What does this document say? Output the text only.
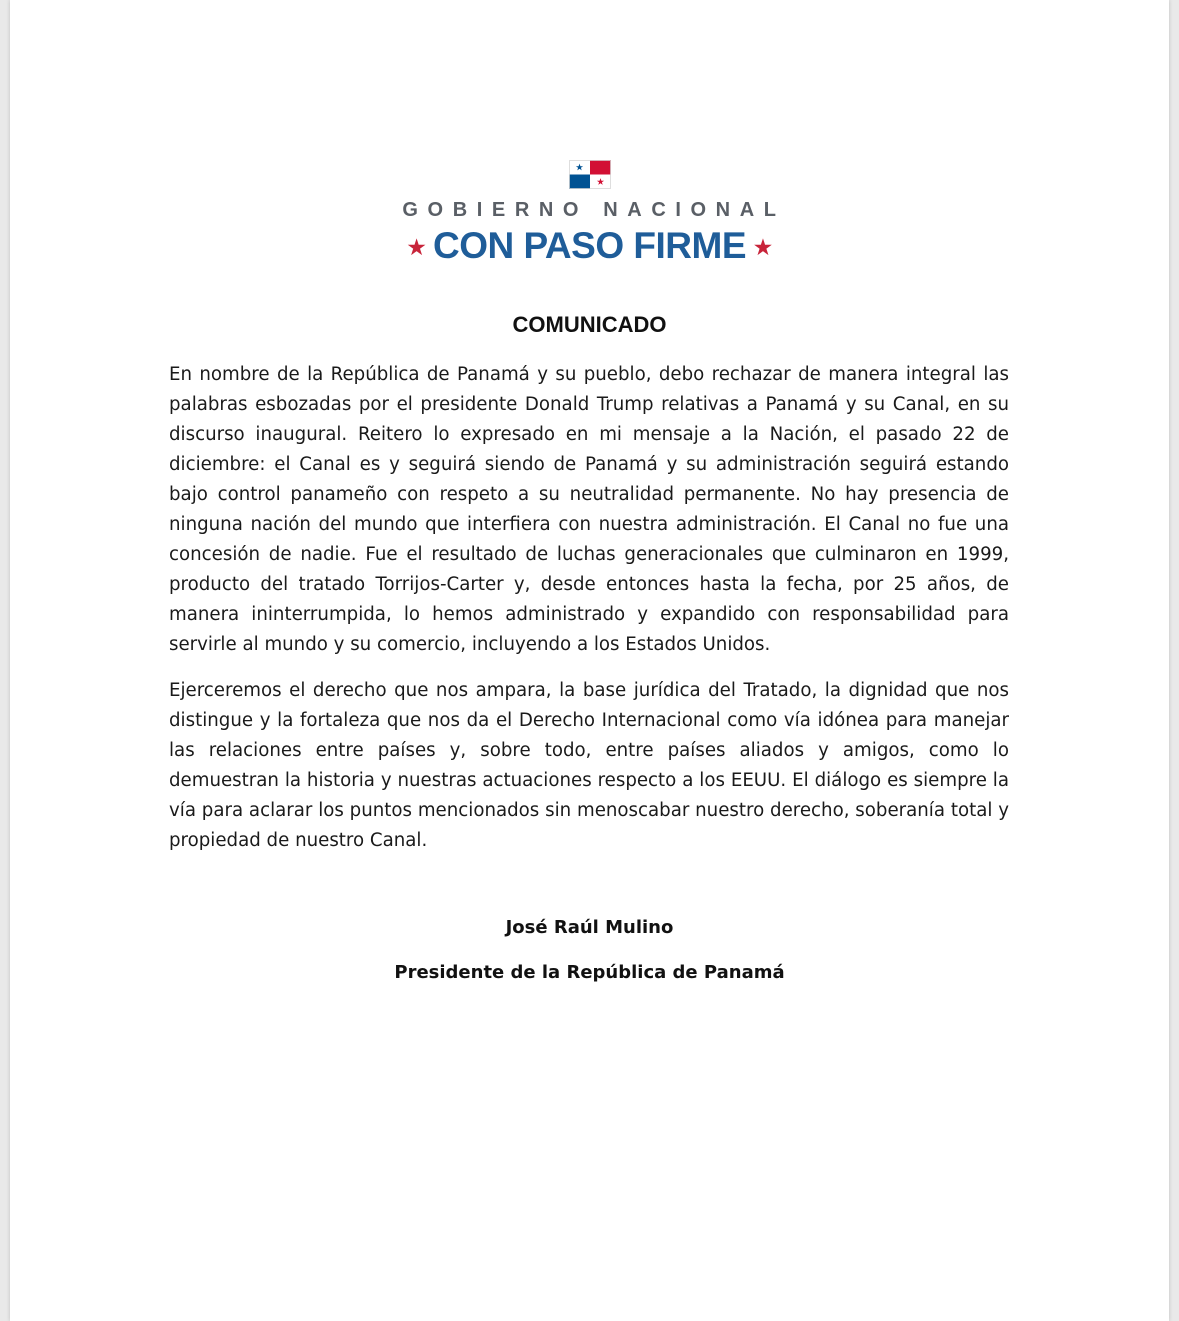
GOBIERNO NACIONAL
★ CON PASO FIRME ★
COMUNICADO

En nombre de la República de Panamá y su pueblo, debo rechazar de manera integral las palabras esbozadas por el presidente Donald Trump relativas a Panamá y su Canal, en su discurso inaugural. Reitero lo expresado en mi mensaje a la Nación, el pasado 22 de diciembre: el Canal es y seguirá siendo de Panamá y su administración seguirá estando bajo control panameño con respeto a su neutralidad permanente. No hay presencia de ninguna nación del mundo que interfiera con nuestra administración. El Canal no fue una concesión de nadie. Fue el resultado de luchas generacionales que culminaron en 1999, producto del tratado Torrijos-Carter y, desde entonces hasta la fecha, por 25 años, de manera ininterrumpida, lo hemos administrado y expandido con responsabilidad para servirle al mundo y su comercio, incluyendo a los Estados Unidos.

Ejerceremos el derecho que nos ampara, la base jurídica del Tratado, la dignidad que nos distingue y la fortaleza que nos da el Derecho Internacional como vía idónea para manejar las relaciones entre países y, sobre todo, entre países aliados y amigos, como lo demuestran la historia y nuestras actuaciones respecto a los EEUU. El diálogo es siempre la vía para aclarar los puntos mencionados sin menoscabar nuestro derecho, soberanía total y propiedad de nuestro Canal.

José Raúl Mulino
Presidente de la República de Panamá
